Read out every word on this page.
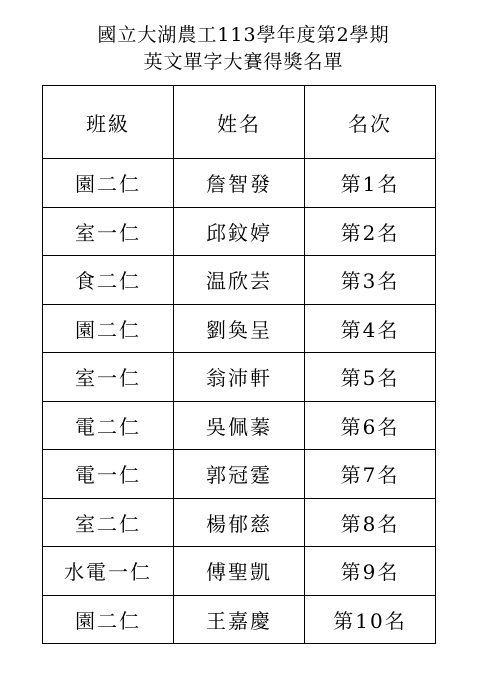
國立大湖農工113學年度第2學期
英文單字大賽得獎名單
班級	姓名	名次
園二仁	詹智發	第1名
室一仁	邱鈫婷	第2名
食二仁	温欣芸	第3名
園二仁	劉奐呈	第4名
室一仁	翁沛軒	第5名
電二仁	吳佩蓁	第6名
電一仁	郭冠霆	第7名
室二仁	楊郁慈	第8名
水電一仁	傅聖凱	第9名
園二仁	王嘉慶	第10名
